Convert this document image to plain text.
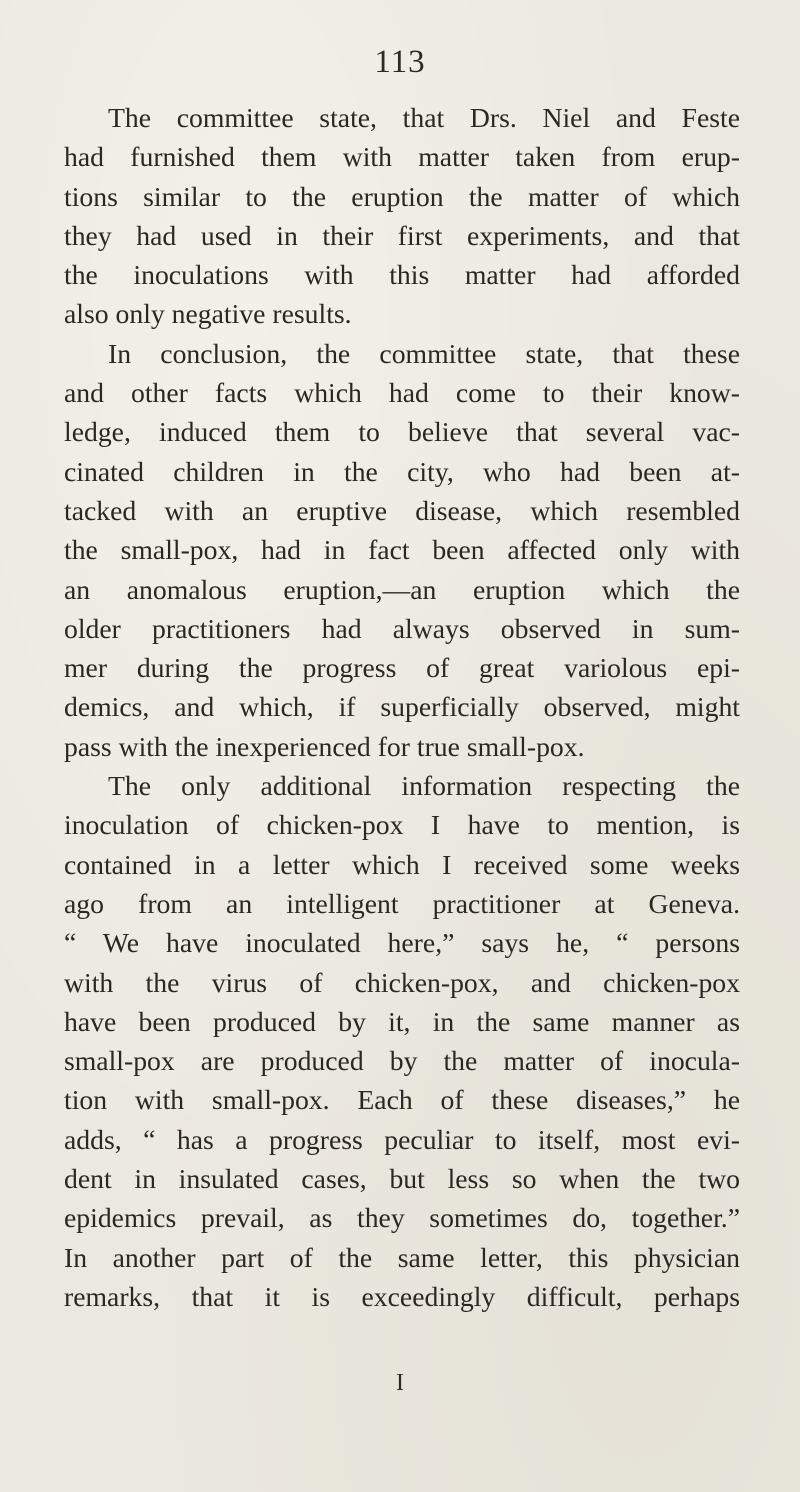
113
The committee state, that Drs. Niel and Feste
had furnished them with matter taken from erup-
tions similar to the eruption the matter of which
they had used in their first experiments, and that
the inoculations with this matter had afforded
also only negative results.
In conclusion, the committee state, that these
and other facts which had come to their know-
ledge, induced them to believe that several vac-
cinated children in the city, who had been at-
tacked with an eruptive disease, which resembled
the small-pox, had in fact been affected only with
an anomalous eruption,—an eruption which the
older practitioners had always observed in sum-
mer during the progress of great variolous epi-
demics, and which, if superficially observed, might
pass with the inexperienced for true small-pox.
The only additional information respecting the
inoculation of chicken-pox I have to mention, is
contained in a letter which I received some weeks
ago from an intelligent practitioner at Geneva.
“ We have inoculated here,” says he, “ persons
with the virus of chicken-pox, and chicken-pox
have been produced by it, in the same manner as
small-pox are produced by the matter of inocula-
tion with small-pox. Each of these diseases,” he
adds, “ has a progress peculiar to itself, most evi-
dent in insulated cases, but less so when the two
epidemics prevail, as they sometimes do, together.”
In another part of the same letter, this physician
remarks, that it is exceedingly difficult, perhaps
I
